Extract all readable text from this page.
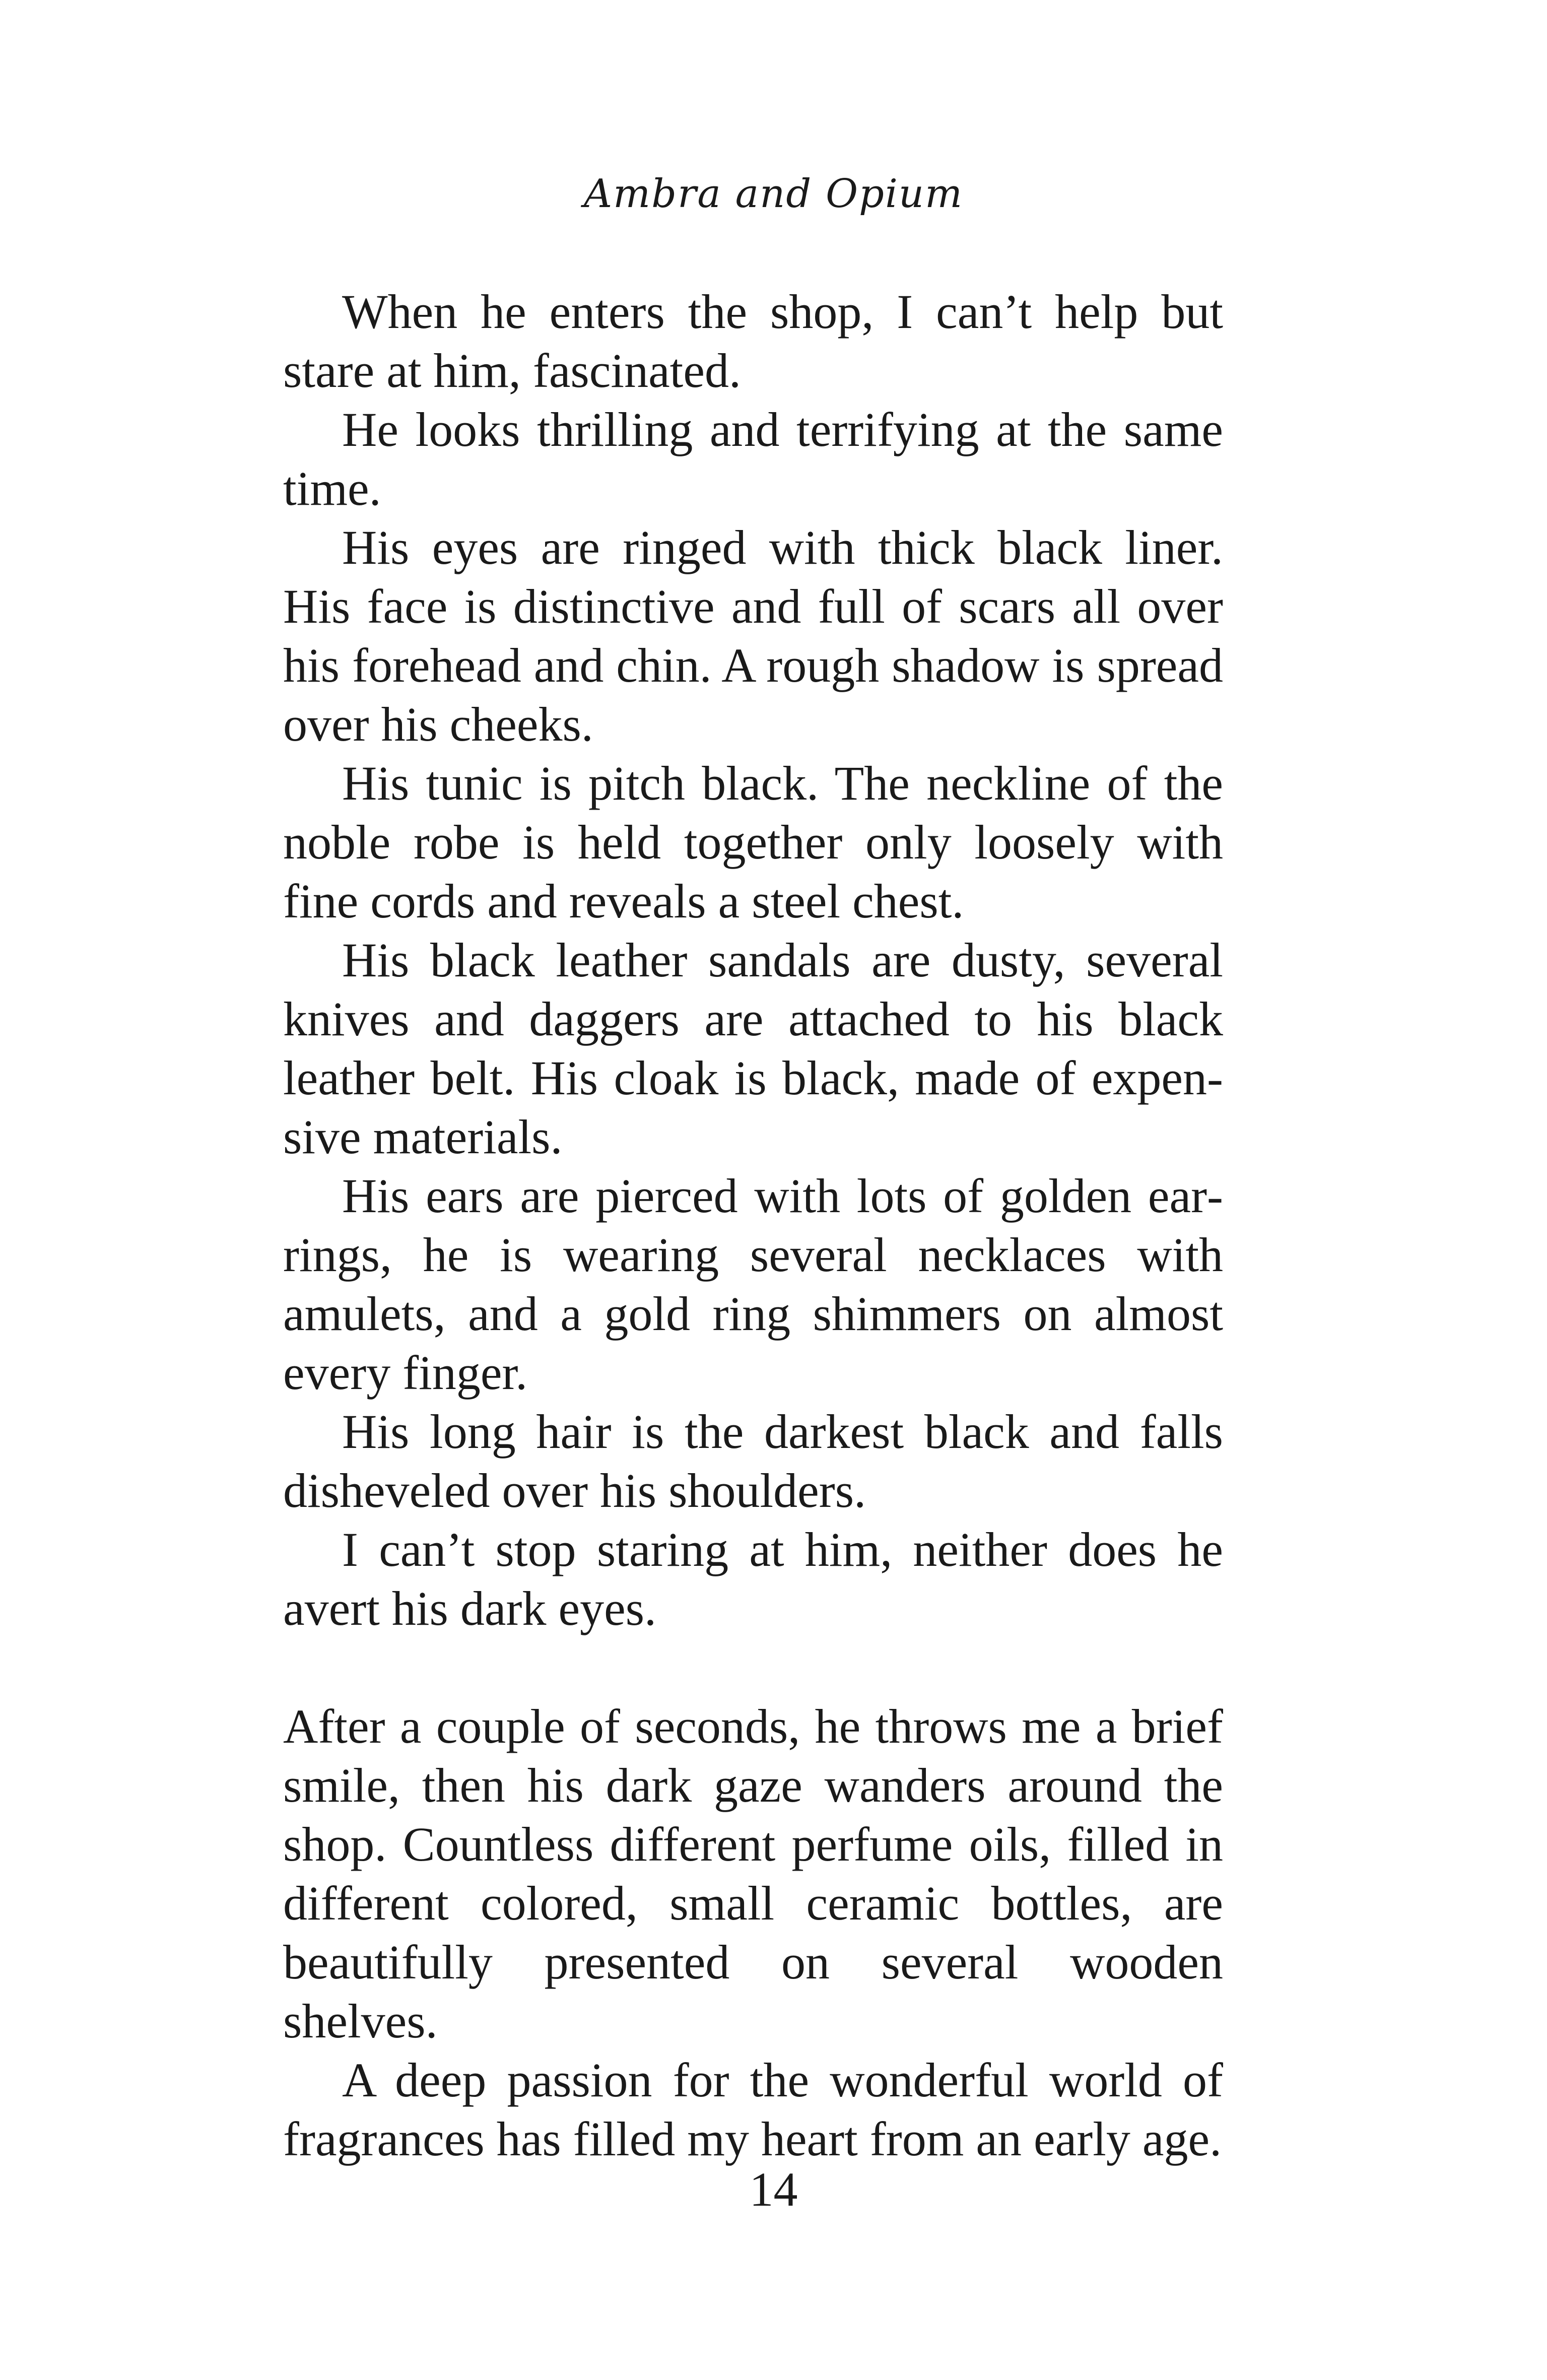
Ambra and Opium

When he enters the shop, I can’t help but stare at him, fascinated.

He looks thrilling and terrifying at the same time.

His eyes are ringed with thick black liner. His face is distinctive and full of scars all over his forehead and chin. A rough shadow is spread over his cheeks.

His tunic is pitch black. The neckline of the noble robe is held together only loosely with fine cords and reveals a steel chest.

His black leather sandals are dusty, several knives and daggers are attached to his black leather belt. His cloak is black, made of expensive materials.

His ears are pierced with lots of golden earrings, he is wearing several necklaces with amulets, and a gold ring shimmers on almost every finger.

His long hair is the darkest black and falls disheveled over his shoulders.

I can’t stop staring at him, neither does he avert his dark eyes.

After a couple of seconds, he throws me a brief smile, then his dark gaze wanders around the shop. Countless different perfume oils, filled in different colored, small ceramic bottles, are beautifully presented on several wooden shelves.

A deep passion for the wonderful world of fragrances has filled my heart from an early age.

14
